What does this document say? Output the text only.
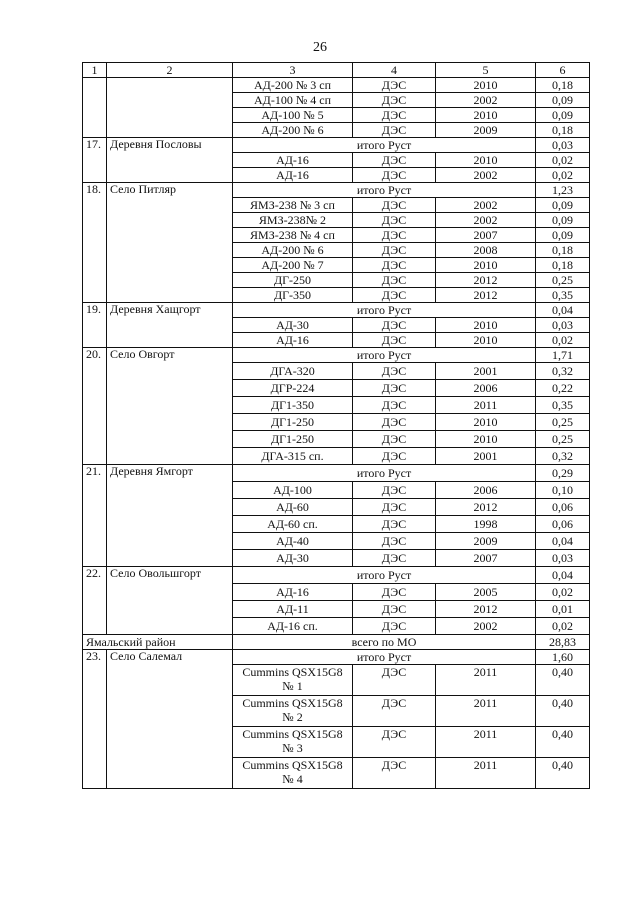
26
1	2	3	4	5	6
		АД-200 № 3 сп	ДЭС	2010	0,18
		АД-100 № 4 сп	ДЭС	2002	0,09
		АД-100 № 5	ДЭС	2010	0,09
		АД-200 № 6	ДЭС	2009	0,18
17.	Деревня Пословы	итого Руст			0,03
		АД-16	ДЭС	2010	0,02
		АД-16	ДЭС	2002	0,02
18.	Село Питляр	итого Руст			1,23
		ЯМЗ-238 № 3 сп	ДЭС	2002	0,09
		ЯМЗ-238№ 2	ДЭС	2002	0,09
		ЯМЗ-238 № 4 сп	ДЭС	2007	0,09
		АД-200 № 6	ДЭС	2008	0,18
		АД-200 № 7	ДЭС	2010	0,18
		ДГ-250	ДЭС	2012	0,25
		ДГ-350	ДЭС	2012	0,35
19.	Деревня Хащгорт	итого Руст			0,04
		АД-30	ДЭС	2010	0,03
		АД-16	ДЭС	2010	0,02
20.	Село Овгорт	итого Руст			1,71
		ДГА-320	ДЭС	2001	0,32
		ДГР-224	ДЭС	2006	0,22
		ДГ1-350	ДЭС	2011	0,35
		ДГ1-250	ДЭС	2010	0,25
		ДГ1-250	ДЭС	2010	0,25
		ДГА-315 сп.	ДЭС	2001	0,32
21.	Деревня Ямгорт	итого Руст			0,29
		АД-100	ДЭС	2006	0,10
		АД-60	ДЭС	2012	0,06
		АД-60 сп.	ДЭС	1998	0,06
		АД-40	ДЭС	2009	0,04
		АД-30	ДЭС	2007	0,03
22.	Село Овольшгорт	итого Руст			0,04
		АД-16	ДЭС	2005	0,02
		АД-11	ДЭС	2012	0,01
		АД-16 сп.	ДЭС	2002	0,02
Ямальский район		всего по МО			28,83
23.	Село Салемал	итого Руст			1,60
		Cummins QSX15G8 № 1	ДЭС	2011	0,40
		Cummins QSX15G8 № 2	ДЭС	2011	0,40
		Cummins QSX15G8 № 3	ДЭС	2011	0,40
		Cummins QSX15G8 № 4	ДЭС	2011	0,40
